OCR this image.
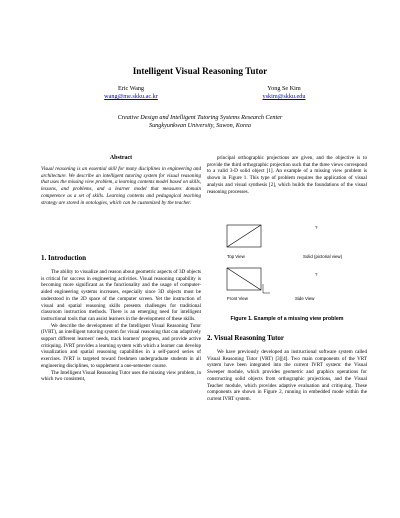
Intelligent Visual Reasoning Tutor
Eric Wang
wang@me.skku.ac.kr
Yong Se Kim
yskim@skku.edu
Creative Design and Intelligent Tutoring Systems Research Center
Sungkyunkwan University, Suwon, Korea
Abstract
Visual reasoning is an essential skill for many disciplines in engineering and architecture. We describe an intelligent tutoring system for visual reasoning that uses the missing view problem, a learning contents model based on skills, lessons, and problems, and a learner model that measures domain competence as a set of skills. Learning contents and pedagogical teaching strategy are stored in ontologies, which can be customized by the teacher.
1. Introduction

The ability to visualize and reason about geometric aspects of 3D objects is critical for success in engineering activities. Visual reasoning capability is becoming more significant as the functionality and the usage of computer-aided engineering systems increases, especially since 3D objects must be understood in the 2D space of the computer screen. Yet the instruction of visual and spatial reasoning skills presents challenges for traditional classroom instruction methods. There is an emerging need for intelligent instructional tools that can assist learners in the development of these skills.

We describe the development of the Intelligent Visual Reasoning Tutor (IVRT), an intelligent tutoring system for visual reasoning that can adaptively support different learners' needs, track learners' progress, and provide active critiquing. IVRT provides a learning system with which a learner can develop visualization and spatial reasoning capabilities in a self-paced series of exercises. IVRT is targeted toward freshmen undergraduate students in all engineering disciplines, to supplement a one-semester course.

The Intelligent Visual Reasoning Tutor uses the missing view problem, in which two consistent,

principal orthographic projections are given, and the objective is to provide the third orthographic projection such that the three views correspond to a valid 3-D solid object [1]. An example of a missing view problem is shown in Figure 1. This type of problem requires the application of visual analysis and visual synthesis [2], which builds the foundations of the visual reasoning processes.

?
Top View	Solid (pictorial view)
?
Front View	Side View
Figure 1. Example of a missing view problem
2. Visual Reasoning Tutor

We have previously developed an instructional software system called Visual Reasoning Tutor (VRT) [3][4]. Two main components of the VRT system have been integrated into the current IVRT system: the Visual Sweeper module, which provides geometric and graphics operations for constructing solid objects from orthographic projections, and the Visual Teacher module, which provides adaptive evaluation and critiquing. These components are shown in Figure 2, running in embedded mode within the current IVRT system.
